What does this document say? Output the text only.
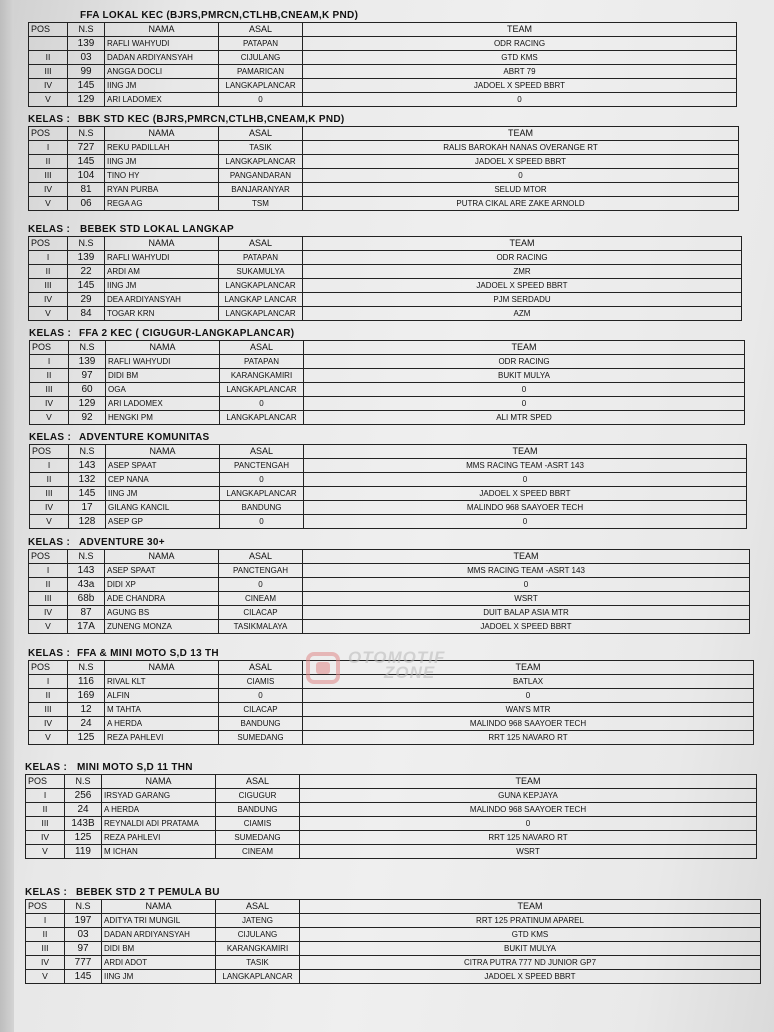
FFA LOKAL KEC (BJRS,PMRCN,CTLHB,CNEAM,K PND)
POS	N.S	NAMA	ASAL	TEAM
	139	RAFLI WAHYUDI	PATAPAN	ODR RACING
II	03	DADAN ARDIYANSYAH	CIJULANG	GTD KMS
III	99	ANGGA DOCLI	PAMARICAN	ABRT 79
IV	145	IING JM	LANGKAPLANCAR	JADOEL X SPEED BBRT
V	129	ARI LADOMEX	0	0
KELAS : BBK STD KEC (BJRS,PMRCN,CTLHB,CNEAM,K PND)
POS	N.S	NAMA	ASAL	TEAM
I	727	REKU PADILLAH	TASIK	RALIS BAROKAH NANAS OVERANGE RT
II	145	IING JM	LANGKAPLANCAR	JADOEL X SPEED BBRT
III	104	TINO HY	PANGANDARAN	0
IV	81	RYAN PURBA	BANJARANYAR	SELUD MTOR
V	06	REGA AG	TSM	PUTRA CIKAL ARE ZAKE ARNOLD
KELAS : BEBEK STD LOKAL LANGKAP
POS	N.S	NAMA	ASAL	TEAM
I	139	RAFLI WAHYUDI	PATAPAN	ODR RACING
II	22	ARDI AM	SUKAMULYA	ZMR
III	145	IING JM	LANGKAPLANCAR	JADOEL X SPEED BBRT
IV	29	DEA ARDIYANSYAH	LANGKAP LANCAR	PJM SERDADU
V	84	TOGAR KRN	LANGKAPLANCAR	AZM
KELAS : FFA 2 KEC ( CIGUGUR-LANGKAPLANCAR)
POS	N.S	NAMA	ASAL	TEAM
I	139	RAFLI WAHYUDI	PATAPAN	ODR RACING
II	97	DIDI BM	KARANGKAMIRI	BUKIT MULYA
III	60	OGA	LANGKAPLANCAR	0
IV	129	ARI LADOMEX	0	0
V	92	HENGKI PM	LANGKAPLANCAR	ALI MTR SPED
KELAS : ADVENTURE KOMUNITAS
POS	N.S	NAMA	ASAL	TEAM
I	143	ASEP SPAAT	PANCTENGAH	MMS RACING TEAM -ASRT 143
II	132	CEP NANA	0	0
III	145	IING JM	LANGKAPLANCAR	JADOEL X SPEED BBRT
IV	17	GILANG KANCIL	BANDUNG	MALINDO 968 SAAYOER TECH
V	128	ASEP GP	0	0
KELAS : ADVENTURE 30+
POS	N.S	NAMA	ASAL	TEAM
I	143	ASEP SPAAT	PANCTENGAH	MMS RACING TEAM -ASRT 143
II	43a	DIDI XP	0	0
III	68b	ADE CHANDRA	CINEAM	WSRT
IV	87	AGUNG BS	CILACAP	DUIT BALAP ASIA MTR
V	17A	ZUNENG MONZA	TASIKMALAYA	JADOEL X SPEED BBRT
KELAS : FFA & MINI MOTO S,D 13 TH
POS	N.S	NAMA	ASAL	TEAM
I	116	RIVAL KLT	CIAMIS	BATLAX
II	169	ALFIN	0	0
III	12	M TAHTA	CILACAP	WAN'S MTR
IV	24	A HERDA	BANDUNG	MALINDO 968 SAAYOER TECH
V	125	REZA PAHLEVI	SUMEDANG	RRT 125 NAVARO RT
KELAS : MINI MOTO S,D 11 THN
POS	N.S	NAMA	ASAL	TEAM
I	256	IRSYAD GARANG	CIGUGUR	GUNA KEPJAYA
II	24	A HERDA	BANDUNG	MALINDO 968 SAAYOER TECH
III	143B	REYNALDI ADI PRATAMA	CIAMIS	0
IV	125	REZA PAHLEVI	SUMEDANG	RRT 125 NAVARO RT
V	119	M ICHAN	CINEAM	WSRT
KELAS : BEBEK STD 2 T PEMULA BU
POS	N.S	NAMA	ASAL	TEAM
I	197	ADITYA TRI MUNGIL	JATENG	RRT 125 PRATINUM APAREL
II	03	DADAN ARDIYANSYAH	CIJULANG	GTD KMS
III	97	DIDI BM	KARANGKAMIRI	BUKIT MULYA
IV	777	ARDI ADOT	TASIK	CITRA PUTRA 777 ND JUNIOR GP7
V	145	IING JM	LANGKAPLANCAR	JADOEL X SPEED BBRT
OTOMOTIF
ZONE
